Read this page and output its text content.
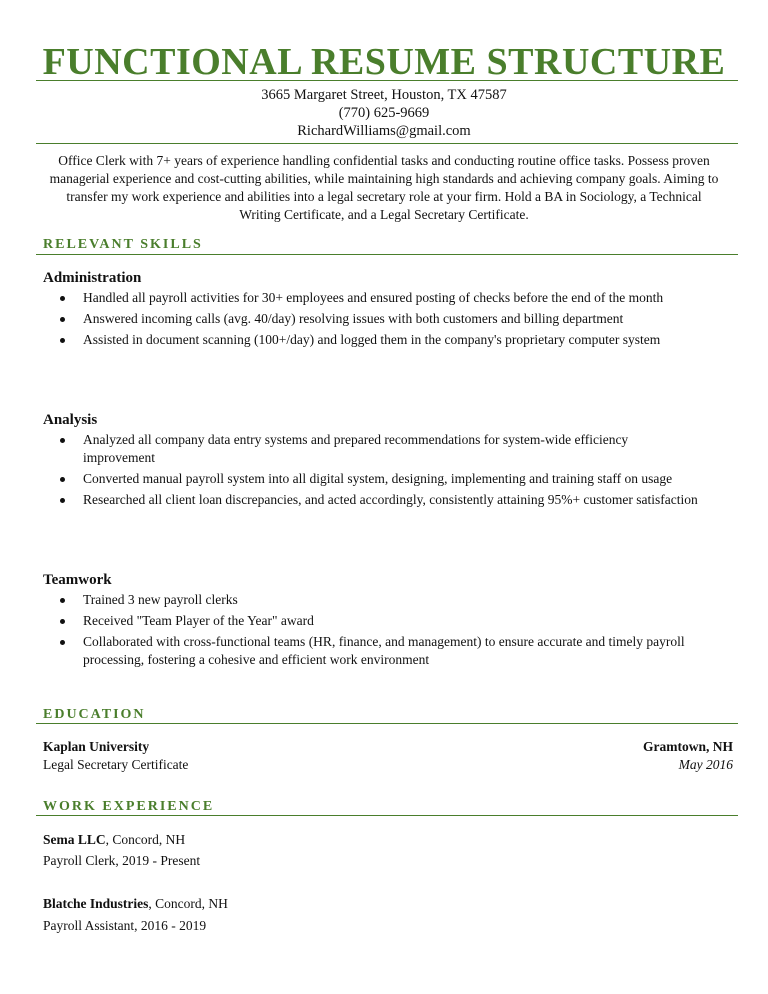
FUNCTIONAL RESUME STRUCTURE
3665 Margaret Street, Houston, TX 47587
(770) 625-9669
RichardWilliams@gmail.com
Office Clerk with 7+ years of experience handling confidential tasks and conducting routine office tasks. Possess proven managerial experience and cost-cutting abilities, while maintaining high standards and achieving company goals. Aiming to transfer my work experience and abilities into a legal secretary role at your firm. Hold a BA in Sociology, a Technical Writing Certificate, and a Legal Secretary Certificate.
RELEVANT SKILLS
Administration
Handled all payroll activities for 30+ employees and ensured posting of checks before the end of the month
Answered incoming calls (avg. 40/day) resolving issues with both customers and billing department
Assisted in document scanning (100+/day) and logged them in the company's proprietary computer system
Analysis
Analyzed all company data entry systems and prepared recommendations for system-wide efficiency improvement
Converted manual payroll system into all digital system, designing, implementing and training staff on usage
Researched all client loan discrepancies, and acted accordingly, consistently attaining 95%+ customer satisfaction
Teamwork
Trained 3 new payroll clerks
Received "Team Player of the Year" award
Collaborated with cross-functional teams (HR, finance, and management) to ensure accurate and timely payroll processing, fostering a cohesive and efficient work environment
EDUCATION
Kaplan University	Gramtown, NH
Legal Secretary Certificate	May 2016
WORK EXPERIENCE
Sema LLC, Concord, NH
Payroll Clerk, 2019 - Present
Blatche Industries, Concord, NH
Payroll Assistant, 2016 - 2019
